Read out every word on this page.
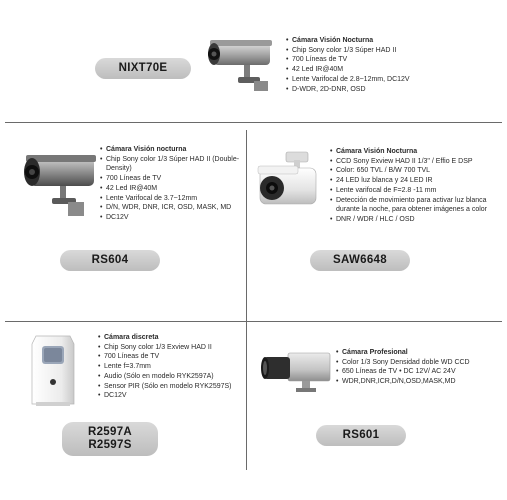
• Cámara Visión Nocturna
• Chip Sony color 1/3 Súper HAD II
• 700 Líneas de TV
• 42 Led IR@40M
• Lente Varifocal de 2.8~12mm, DC12V
• D-WDR, 2D-DNR, OSD
NIXT70E
• Cámara Visión nocturna
• Chip Sony color 1/3 Súper HAD II (Double-Density)
• 700 Líneas de TV
• 42 Led IR@40M
• Lente Varifocal de 3.7~12mm
• D/N, WDR, DNR, ICR, OSD, MASK, MD
• DC12V
RS604
• Cámara Visión Nocturna
• CCD Sony Exview HAD II 1/3" / Effio E DSP
• Color: 650 TVL / B/W 700 TVL
• 24 LED luz blanca y 24 LED IR
• Lente varifocal de F=2.8 -11 mm
• Detección de movimiento para activar luz blanca durante la noche, para obtener imágenes a color
• DNR / WDR / HLC / OSD
SAW6648
• Cámara discreta
• Chip Sony color 1/3 Exview HAD II
• 700 Líneas de TV
• Lente f=3.7mm
• Audio (Sólo en modelo RYK2597A)
• Sensor PIR (Sólo en modelo RYK2597S)
• DC12V
R2597A
R2597S
• Cámara Profesional
• Color 1/3 Sony Densidad doble WD CCD
• 650 Líneas de TV • DC 12V/ AC 24V
• WDR,DNR,ICR,D/N,OSD,MASK,MD
RS601
